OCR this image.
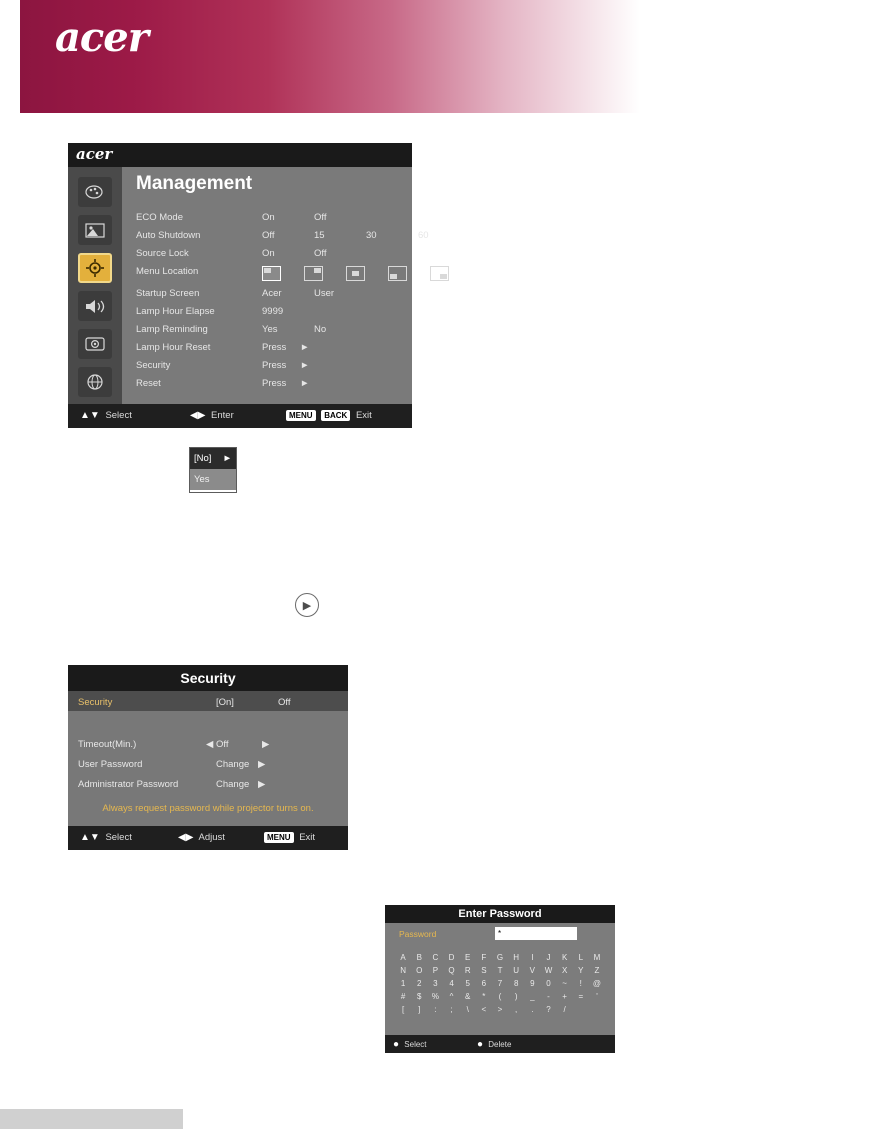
acer
acer
Management
ECO Mode	On	Off
Auto Shutdown	Off	15	30	60
Source Lock	On	Off
Menu Location
Startup Screen	Acer	User
Lamp Hour Elapse	9999
Lamp Reminding	Yes	No
Lamp Hour Reset	Press ►
Security	Press ►
Reset	Press ►
▲▼ Select	◀▶ Enter	MENU BACK Exit
[No] ►
Yes
▶
Security
Security	[On]	Off
Timeout(Min.)	◀ Off	▶
User Password	Change ▶
Administrator Password	Change ▶
Always request password while projector turns on.
▲▼ Select	◀▶ Adjust	MENU Exit
Enter Password
Password	*
A	B	C	D	E	F	G	H	I	J	K	L	M
N	O	P	Q	R	S	T	U	V	W	X	Y	Z
1	2	3	4	5	6	7	8	9	0	~	!	@
#	$	%	^	&	*	(	)	_	-	+	=	'
[	]	:	;	\	<	>	,	.	?	/
● Select	● Delete
